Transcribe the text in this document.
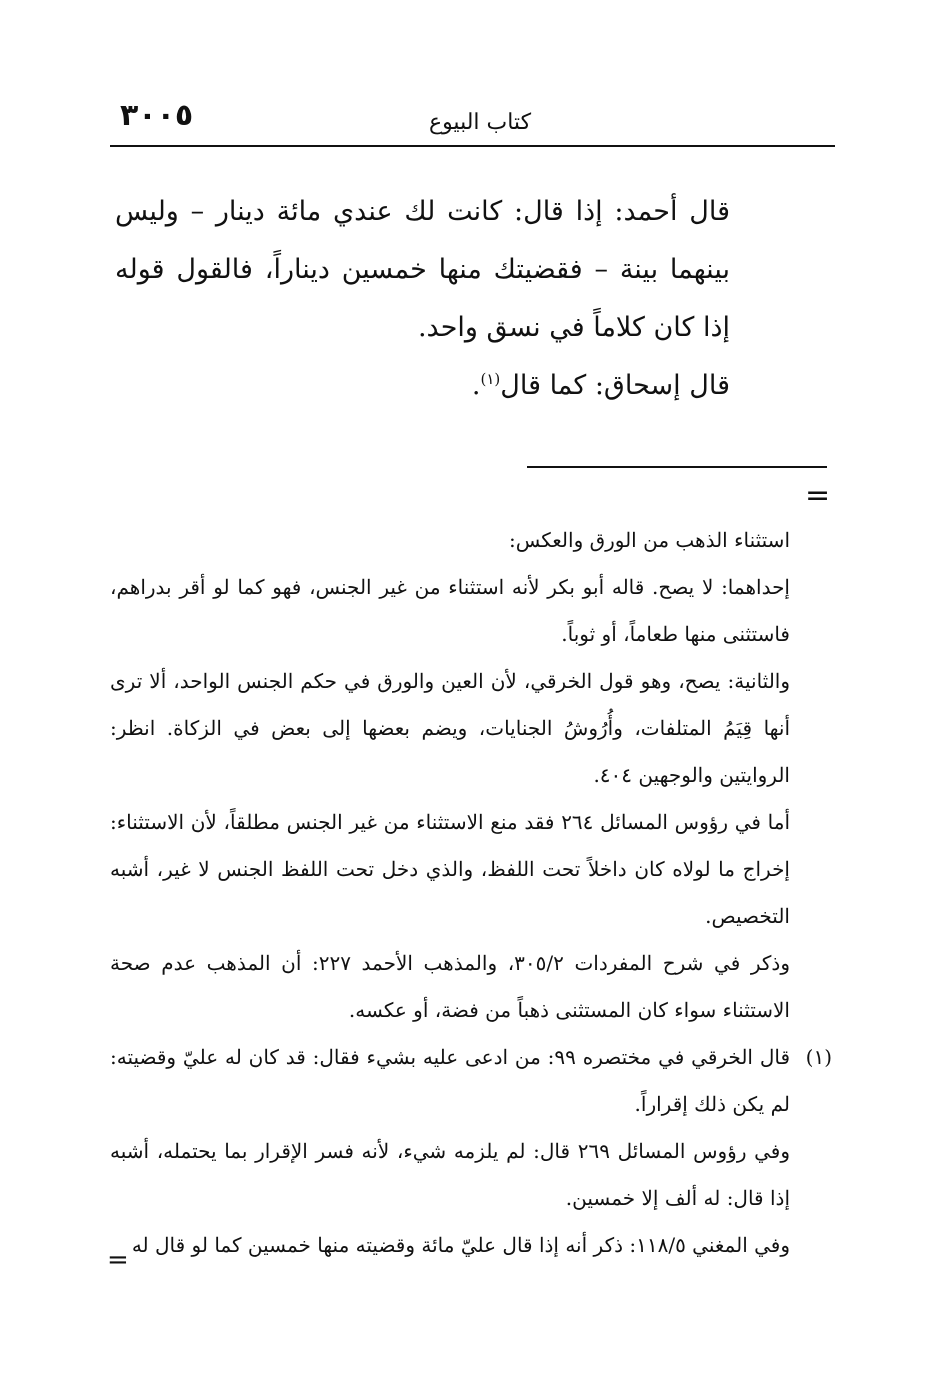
٣٠٠٥	كتاب البيوع

قال أحمد: إذا قال: كانت لك عندي مائة دينار – وليس بينهما بينة – فقضيتك منها خمسين ديناراً، فالقول قوله إذا كان كلاماً في نسق واحد.

قال إسحاق: كما قال$^{(١)}$.

=

استثناء الذهب من الورق والعكس:

إحداهما: لا يصح. قاله أبو بكر لأنه استثناء من غير الجنس، فهو كما لو أقر بدراهم، فاستثنى منها طعاماً، أو ثوباً.

والثانية: يصح، وهو قول الخرقي، لأن العين والورق في حكم الجنس الواحد، ألا ترى أنها قِيَمُ المتلفات، وأُرُوشُ الجنايات، ويضم بعضها إلى بعض في الزكاة. انظر: الروايتين والوجهين ٤٠٤.

أما في رؤوس المسائل ٢٦٤ فقد منع الاستثناء من غير الجنس مطلقاً، لأن الاستثناء: إخراج ما لولاه كان داخلاً تحت اللفظ، والذي دخل تحت اللفظ الجنس لا غير، أشبه التخصيص.

وذكر في شرح المفردات ٣٠٥/٢، والمذهب الأحمد ٢٢٧: أن المذهب عدم صحة الاستثناء سواء كان المستثنى ذهباً من فضة، أو عكسه.

(١)

قال الخرقي في مختصره ٩٩: من ادعى عليه بشيء فقال: قد كان له عليّ وقضيته: لم يكن ذلك إقراراً.

وفي رؤوس المسائل ٢٦٩ قال: لم يلزمه شيء، لأنه فسر الإقرار بما يحتمله، أشبه إذا قال: له ألف إلا خمسين.

وفي المغني ١١٨/٥: ذكر أنه إذا قال عليّ مائة وقضيته منها خمسين كما لو قال له

=
